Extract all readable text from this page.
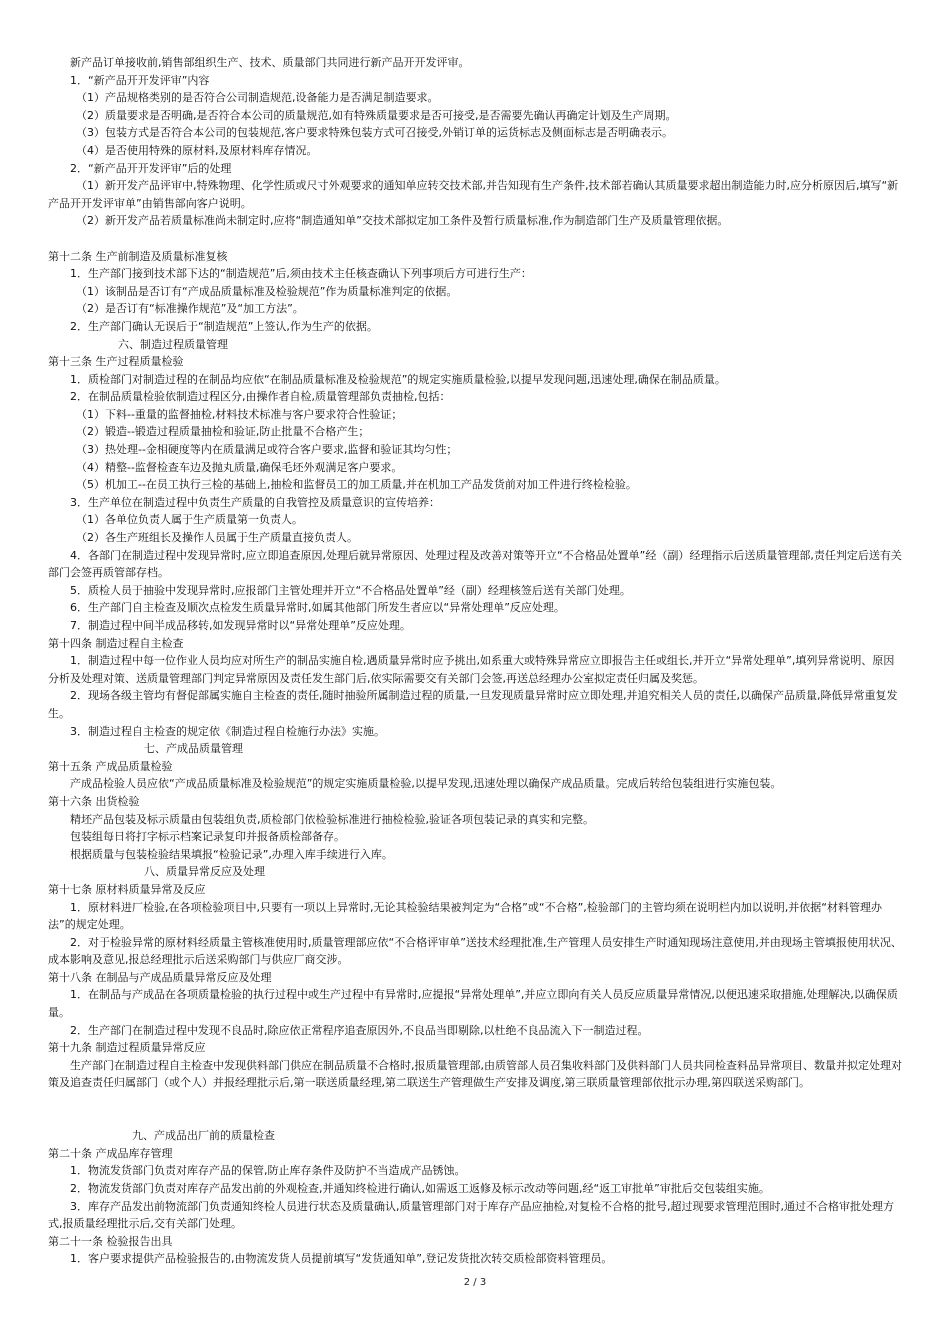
新产品订单接收前,销售部组织生产、技术、质量部门共同进行新产品开开发评审。

1．“新产品开开发评审”内容

（1）产品规格类别的是否符合公司制造规范,设备能力是否满足制造要求。

（2）质量要求是否明确,是否符合本公司的质量规范,如有特殊质量要求是否可接受,是否需要先确认再确定计划及生产周期。

（3）包装方式是否符合本公司的包装规范,客户要求特殊包装方式可召接受,外销订单的运货标志及侧面标志是否明确表示。

（4）是否使用特殊的原材料,及原材料库存情况。

2．“新产品开开发评审”后的处理

（1）新开发产品评审中,特殊物理、化学性质或尺寸外观要求的通知单应转交技术部,并告知现有生产条件,技术部若确认其质量要求超出制造能力时,应分析原因后,填写“新产品开开发评审单”由销售部向客户说明。

（2）新开发产品若质量标准尚未制定时,应将“制造通知单”交技术部拟定加工条件及暂行质量标准,作为制造部门生产及质量管理依据。

第十二条 生产前制造及质量标准复核

1．生产部门接到技术部下达的“制造规范”后,须由技术主任核查确认下列事项后方可进行生产：

（1）该制品是否订有“产成品质量标准及检验规范”作为质量标准判定的依据。

（2）是否订有“标准操作规范”及“加工方法”。

2．生产部门确认无误后于“制造规范”上签认,作为生产的依据。

六、制造过程质量管理

第十三条 生产过程质量检验

1．质检部门对制造过程的在制品均应依“在制品质量标准及检验规范”的规定实施质量检验,以提早发现问题,迅速处理,确保在制品质量。

2．在制品质量检验依制造过程区分,由操作者自检,质量管理部负责抽检,包括：

（1）下料--重量的监督抽检,材料技术标准与客户要求符合性验证；

（2）锻造--锻造过程质量抽检和验证,防止批量不合格产生；

（3）热处理--金相硬度等内在质量满足或符合客户要求,监督和验证其均匀性；

（4）精整--监督检查车边及抛丸质量,确保毛坯外观满足客户要求。

（5）机加工--在员工执行三检的基础上,抽检和监督员工的加工质量,并在机加工产品发货前对加工件进行终检检验。

3．生产单位在制造过程中负责生产质量的自我管控及质量意识的宣传培养：

（1）各单位负责人属于生产质量第一负责人。

（2）各生产班组长及操作人员属于生产质量直接负责人。

4．各部门在制造过程中发现异常时,应立即追查原因,处理后就异常原因、处理过程及改善对策等开立“不合格品处置单”经（副）经理指示后送质量管理部,责任判定后送有关部门会签再质管部存档。

5．质检人员于抽验中发现异常时,应报部门主管处理并开立“不合格品处置单”经（副）经理核签后送有关部门处理。

6．生产部门自主检查及顺次点检发生质量异常时,如属其他部门所发生者应以“异常处理单”反应处理。

7．制造过程中间半成品移转,如发现异常时以“异常处理单”反应处理。

第十四条 制造过程自主检查

1．制造过程中每一位作业人员均应对所生产的制品实施自检,遇质量异常时应予挑出,如系重大或特殊异常应立即报告主任或组长,并开立“异常处理单”,填列异常说明、原因分析及处理对策、送质量管理部门判定异常原因及责任发生部门后,依实际需要交有关部门会签,再送总经理办公室拟定责任归属及奖惩。

2．现场各级主管均有督促部属实施自主检查的责任,随时抽验所属制造过程的质量,一旦发现质量异常时应立即处理,并追究相关人员的责任,以确保产品质量,降低异常重复发生。

3．制造过程自主检查的规定依《制造过程自检施行办法》实施。

七、产成品质量管理

第十五条 产成品质量检验

产成品检验人员应依“产成品质量标准及检验规范”的规定实施质量检验,以提早发现,迅速处理以确保产成品质量。完成后转给包装组进行实施包装。

第十六条 出货检验

精坯产品包装及标示质量由包装组负责,质检部门依检验标准进行抽检检验,验证各项包装记录的真实和完整。

包装组每日将打字标示档案记录复印并报备质检部备存。

根据质量与包装检验结果填报“检验记录”,办理入库手续进行入库。

八、质量异常反应及处理

第十七条 原材料质量异常及反应

1．原材料进厂检验,在各项检验项目中,只要有一项以上异常时,无论其检验结果被判定为“合格”或“不合格”,检验部门的主管均须在说明栏内加以说明,并依据“材料管理办法”的规定处理。

2．对于检验异常的原材料经质量主管核准使用时,质量管理部应依“不合格评审单”送技术经理批准,生产管理人员安排生产时通知现场注意使用,并由现场主管填报使用状况、成本影响及意见,报总经理批示后送采购部门与供应厂商交涉。

第十八条 在制品与产成品质量异常反应及处理

1．在制品与产成品在各项质量检验的执行过程中或生产过程中有异常时,应提报“异常处理单”,并应立即向有关人员反应质量异常情况,以便迅速采取措施,处理解决,以确保质量。

2．生产部门在制造过程中发现不良品时,除应依正常程序追查原因外,不良品当即剔除,以杜绝不良品流入下一制造过程。

第十九条 制造过程质量异常反应

生产部门在制造过程自主检查中发现供料部门供应在制品质量不合格时,报质量管理部,由质管部人员召集收料部门及供料部门人员共同检查料品异常项目、数量并拟定处理对策及追查责任归属部门（或个人）并报经理批示后,第一联送质量经理,第二联送生产管理做生产安排及调度,第三联质量管理部依批示办理,第四联送采购部门。

九、产成品出厂前的质量检查

第二十条 产成品库存管理

1．物流发货部门负责对库存产品的保管,防止库存条件及防护不当造成产品锈蚀。

2．物流发货部门负责对库存产品发出前的外观检查,并通知终检进行确认,如需返工返修及标示改动等问题,经“返工审批单”审批后交包装组实施。

3．库存产品发出前物流部门负责通知终检人员进行状态及质量确认,质量管理部门对于库存产品应抽检,对复检不合格的批号,超过现要求管理范围时,通过不合格审批处理方式,报质量经理批示后,交有关部门处理。

第二十一条 检验报告出具

1．客户要求提供产品检验报告的,由物流发货人员提前填写“发货通知单”,登记发货批次转交质检部资料管理员。

2 / 3
